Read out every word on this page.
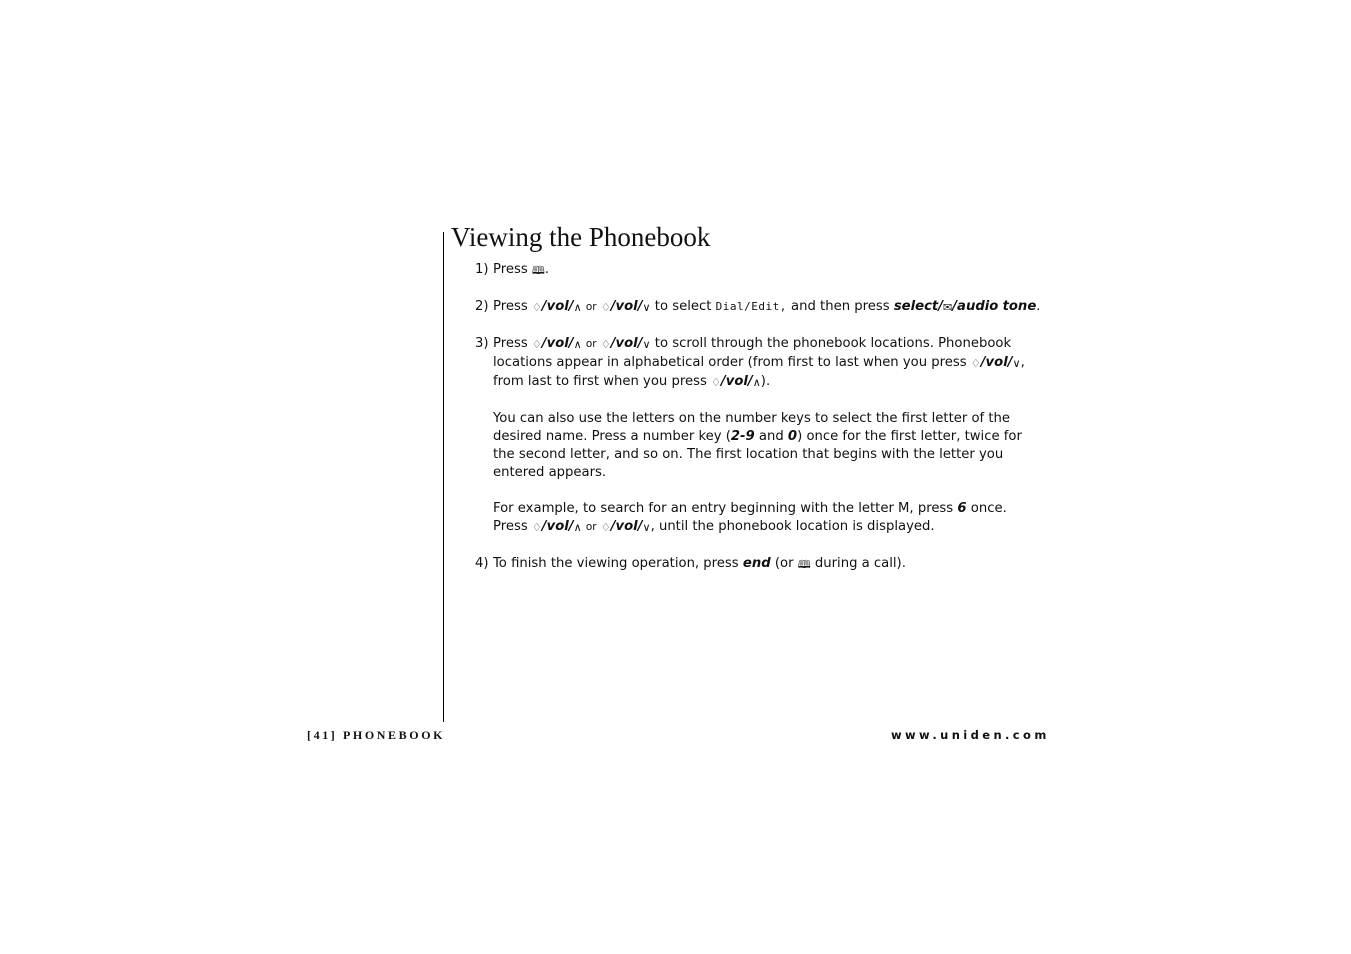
Viewing the Phonebook

1) Press 🕮.

2) Press ♢/vol/∧ or ♢/vol/∨ to select Dial/Edit, and then press select/✉/audio tone.

3) Press ♢/vol/∧ or ♢/vol/∨ to scroll through the phonebook locations. Phonebook locations appear in alphabetical order (from first to last when you press ♢/vol/∨, from last to first when you press ♢/vol/∧).

You can also use the letters on the number keys to select the first letter of the desired name. Press a number key (2-9 and 0) once for the first letter, twice for the second letter, and so on. The first location that begins with the letter you entered appears.

For example, to search for an entry beginning with the letter M, press 6 once. Press ♢/vol/∧ or ♢/vol/∨, until the phonebook location is displayed.

4) To finish the viewing operation, press end (or 🕮 during a call).

[41] PHONEBOOK	www.uniden.com
